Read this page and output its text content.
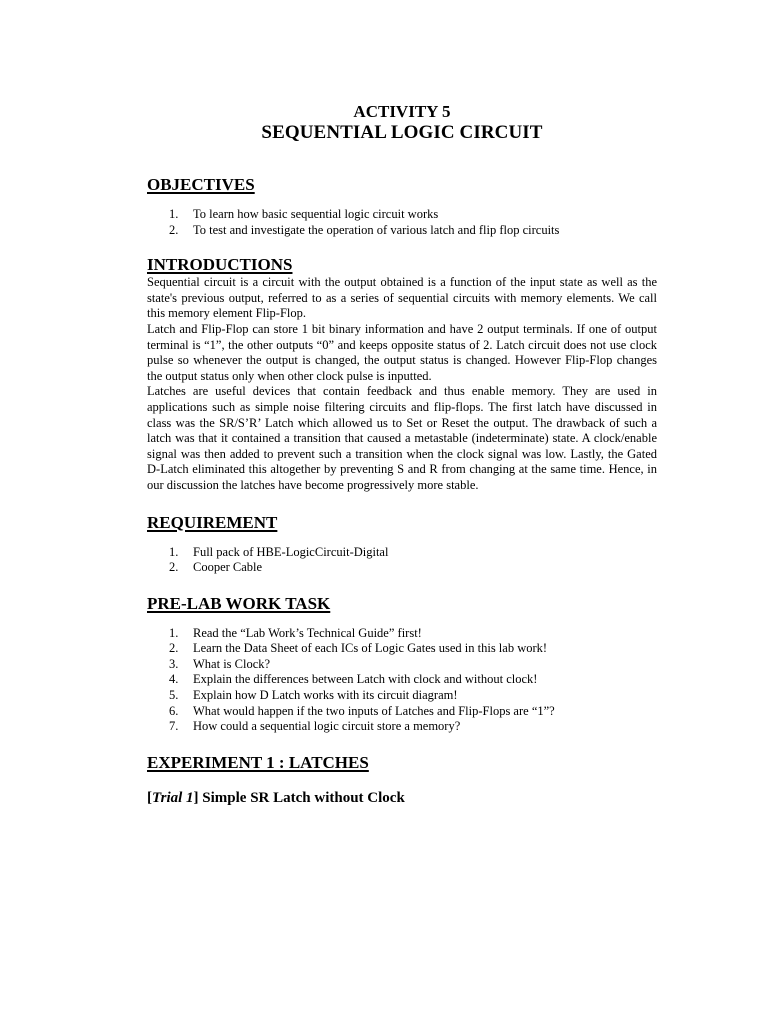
ACTIVITY 5

SEQUENTIAL LOGIC CIRCUIT

OBJECTIVES

1. To learn how basic sequential logic circuit works
2. To test and investigate the operation of various latch and flip flop circuits

INTRODUCTIONS

Sequential circuit is a circuit with the output obtained is a function of the input state as well as the state's previous output, referred to as a series of sequential circuits with memory elements. We call this memory element Flip-Flop.

Latch and Flip-Flop can store 1 bit binary information and have 2 output terminals. If one of output terminal is “1”, the other outputs “0” and keeps opposite status of 2. Latch circuit does not use clock pulse so whenever the output is changed, the output status is changed. However Flip-Flop changes the output status only when other clock pulse is inputted.

Latches are useful devices that contain feedback and thus enable memory. They are used in applications such as simple noise filtering circuits and flip-flops. The first latch have discussed in class was the SR/S’R’ Latch which allowed us to Set or Reset the output. The drawback of such a latch was that it contained a transition that caused a metastable (indeterminate) state. A clock/enable signal was then added to prevent such a transition when the clock signal was low. Lastly, the Gated D-Latch eliminated this altogether by preventing S and R from changing at the same time. Hence, in our discussion the latches have become progressively more stable.

REQUIREMENT

1. Full pack of HBE-LogicCircuit-Digital
2. Cooper Cable

PRE-LAB WORK TASK

1. Read the “Lab Work’s Technical Guide” first!
2. Learn the Data Sheet of each ICs of Logic Gates used in this lab work!
3. What is Clock?
4. Explain the differences between Latch with clock and without clock!
5. Explain how D Latch works with its circuit diagram!
6. What would happen if the two inputs of Latches and Flip-Flops are “1”?
7. How could a sequential logic circuit store a memory?

EXPERIMENT 1 : LATCHES

[Trial 1] Simple SR Latch without Clock
